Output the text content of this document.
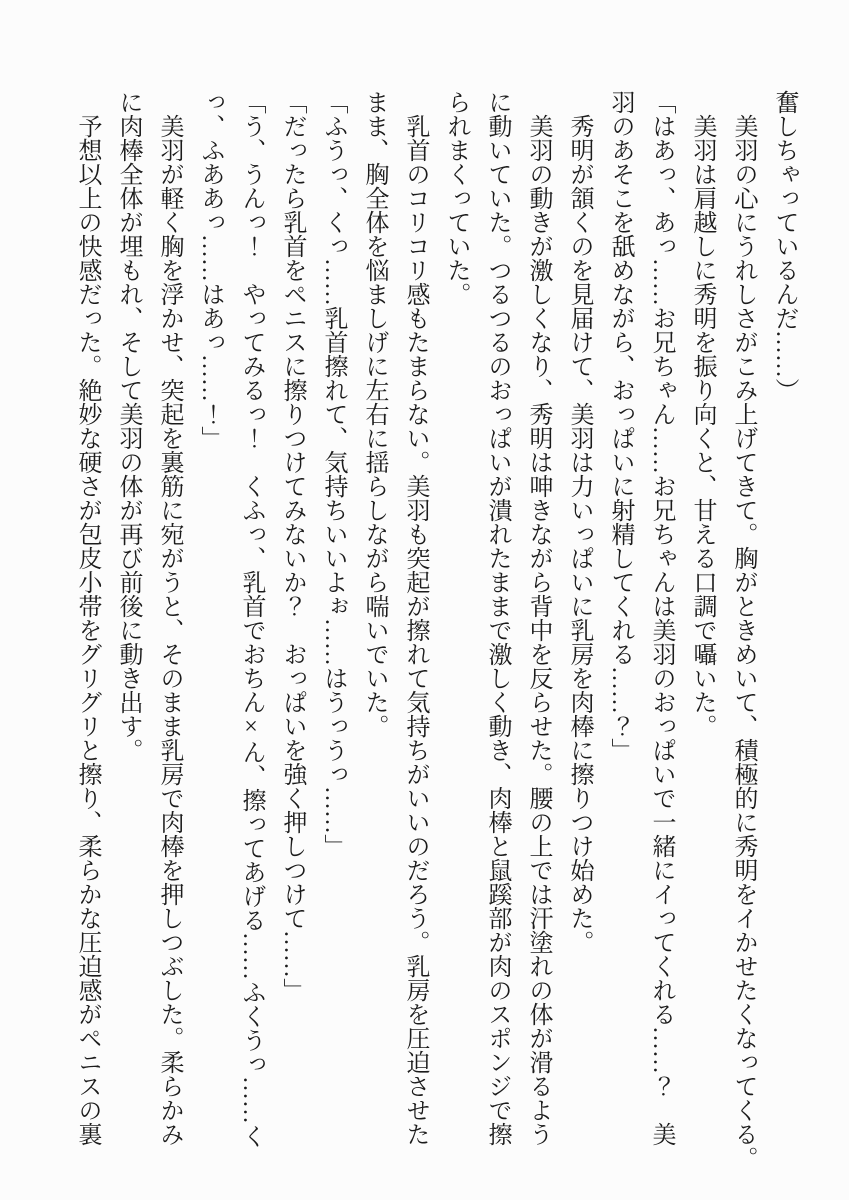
奮しちゃっているんだ……）

　美羽の心にうれしさがこみ上げてきて。胸がときめいて、積極的に秀明をイかせたくなってくる。

　美羽は肩越しに秀明を振り向くと、甘える口調で囁いた。

「はあっ、あっ……お兄ちゃん……お兄ちゃんは美羽のおっぱいで一緒にイってくれる……？　美

羽のあそこを舐めながら、おっぱいに射精してくれる……？」

　秀明が頷くのを見届けて、美羽は力いっぱいに乳房を肉棒に擦りつけ始めた。

　美羽の動きが激しくなり、秀明は呻きながら背中を反らせた。腰の上では汗塗れの体が滑るよう

に動いていた。つるつるのおっぱいが潰れたままで激しく動き、肉棒と鼠蹊部が肉のスポンジで擦

られまくっていた。

　乳首のコリコリ感もたまらない。美羽も突起が擦れて気持ちがいいのだろう。乳房を圧迫させた

まま、胸全体を悩ましげに左右に揺らしながら喘いでいた。

「ふうっ、くっ……乳首擦れて、気持ちいいよぉ……はうっうっ……」

「だったら乳首をペニスに擦りつけてみないか？　おっぱいを強く押しつけて……」

「う、うんっ！　やってみるっ！　くふっ、乳首でおちん×ん、擦ってあげる……ふくうっ……く

っ、ふああっ……はあっ……！」

　美羽が軽く胸を浮かせ、突起を裏筋に宛がうと、そのまま乳房で肉棒を押しつぶした。柔らかみ

に肉棒全体が埋もれ、そして美羽の体が再び前後に動き出す。

　予想以上の快感だった。絶妙な硬さが包皮小帯をグリグリと擦り、柔らかな圧迫感がペニスの裏
